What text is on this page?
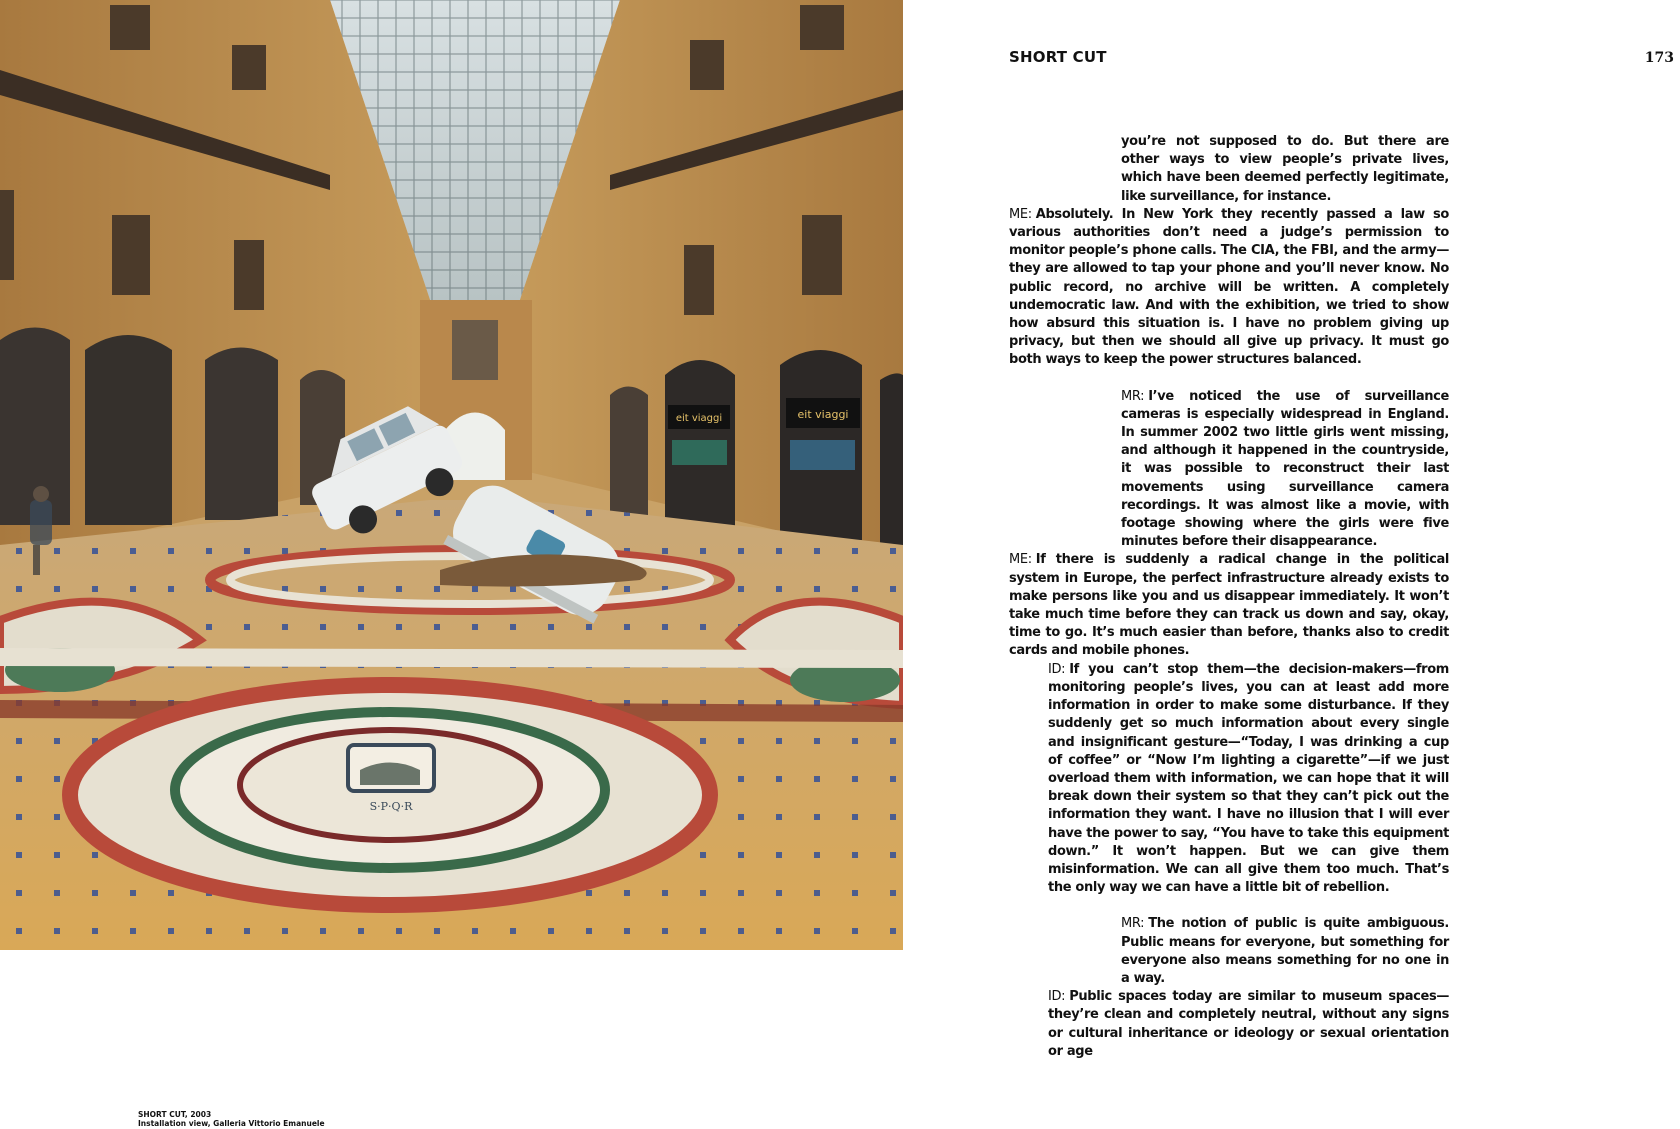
eit viaggi	eit viaggi
S·P·Q·R
SHORT CUT, 2003
Installation view, Galleria Vittorio Emanuele
SHORT CUT	173

you’re not supposed to do. But there are other ways to view people’s private lives, which have been deemed perfectly legitimate, like surveillance, for instance.

ME: Absolutely. In New York they recently passed a law so various authorities don’t need a judge’s permission to monitor people’s phone calls. The CIA, the FBI, and the army—they are allowed to tap your phone and you’ll never know. No public record, no archive will be written. A completely undemocratic law. And with the exhibition, we tried to show how absurd this situation is. I have no problem giving up privacy, but then we should all give up privacy. It must go both ways to keep the power structures balanced.

MR: I’ve noticed the use of surveillance cameras is especially widespread in England. In summer 2002 two little girls went missing, and although it happened in the countryside, it was possible to reconstruct their last movements using surveillance camera recordings. It was almost like a movie, with footage showing where the girls were five minutes before their disappearance.

ME: If there is suddenly a radical change in the political system in Europe, the perfect infrastructure already exists to make persons like you and us disappear immediately. It won’t take much time before they can track us down and say, okay, time to go. It’s much easier than before, thanks also to credit cards and mobile phones.

ID: If you can’t stop them—the decision-makers—from monitoring people’s lives, you can at least add more information in order to make some disturbance. If they suddenly get so much information about every single and insignificant gesture—“Today, I was drinking a cup of coffee” or “Now I’m lighting a cigarette”—if we just overload them with information, we can hope that it will break down their system so that they can’t pick out the information they want. I have no illusion that I will ever have the power to say, “You have to take this equipment down.” It won’t happen. But we can give them misinformation. We can all give them too much. That’s the only way we can have a little bit of rebellion.

MR: The notion of public is quite ambiguous. Public means for everyone, but something for everyone also means something for no one in a way.

ID: Public spaces today are similar to museum spaces—they’re clean and completely neutral, without any signs or cultural inheritance or ideology or sexual orientation or age
